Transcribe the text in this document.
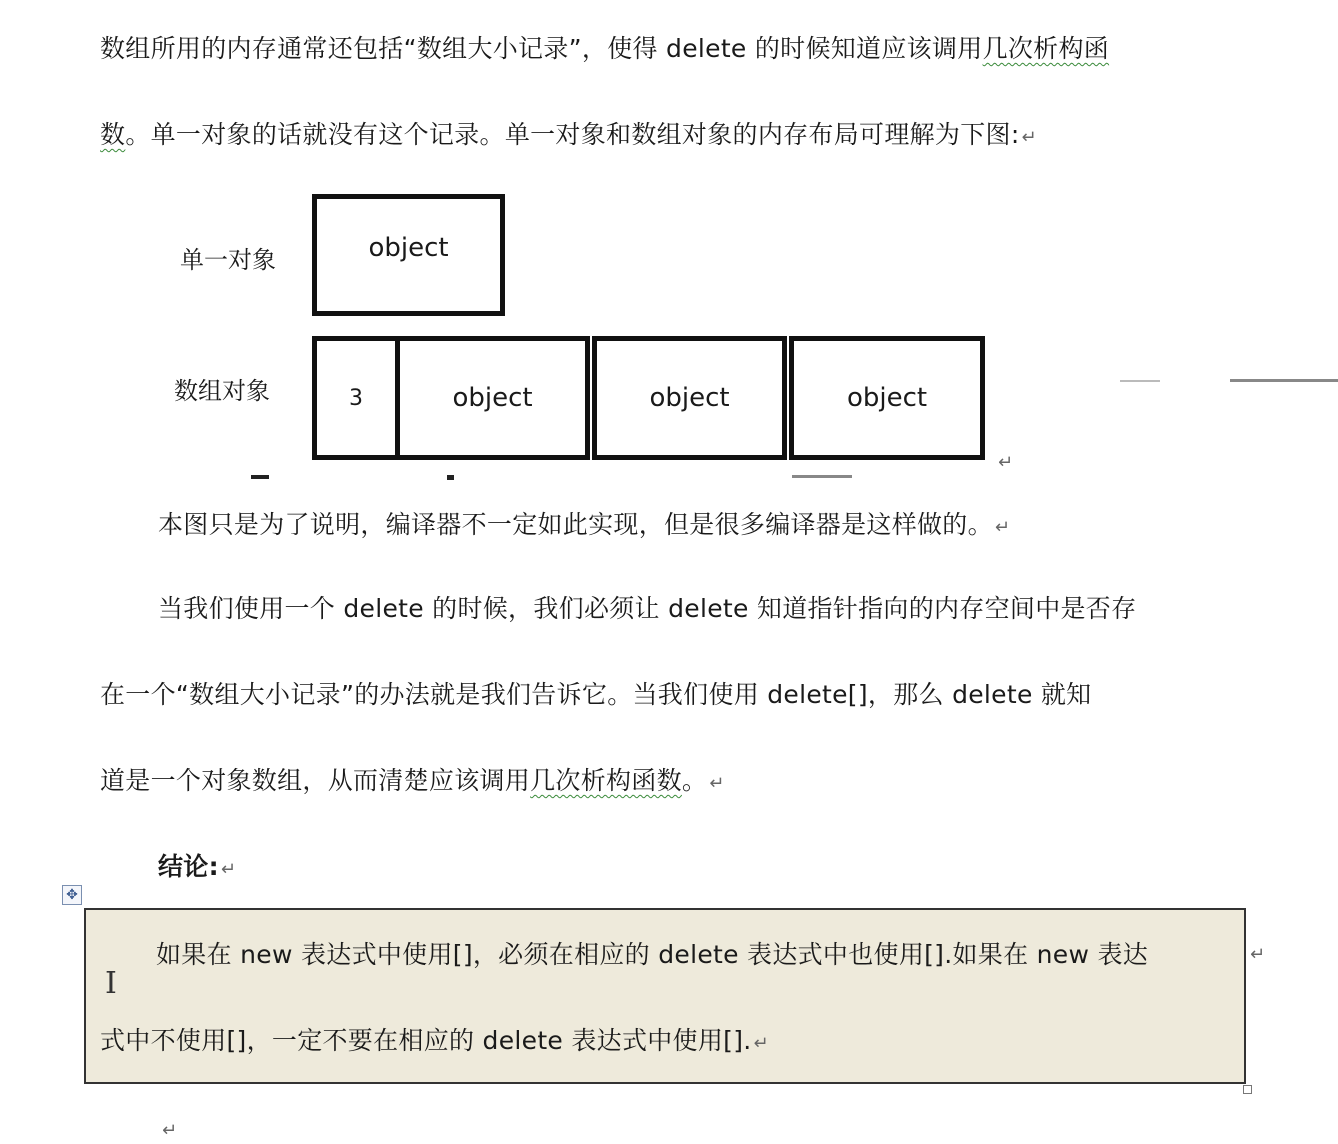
数组所用的内存通常还包括“数组大小记录”，使得 delete 的时候知道应该调用几次析构函
数。单一对象的话就没有这个记录。单一对象和数组对象的内存布局可理解为下图: ↵
单一对象	object
数组对象	3	object	object	object
↵
本图只是为了说明，编译器不一定如此实现，但是很多编译器是这样做的。 ↵
当我们使用一个 delete 的时候，我们必须让 delete 知道指针指向的内存空间中是否存
在一个“数组大小记录”的办法就是我们告诉它。当我们使用 delete[]，那么 delete 就知
道是一个对象数组，从而清楚应该调用几次析构函数。 ↵
结论: ↵
✥
如果在 new 表达式中使用[]，必须在相应的 delete 表达式中也使用[].如果在 new 表达	↵
式中不使用[]，一定不要在相应的 delete 表达式中使用[]. ↵
I
↵
